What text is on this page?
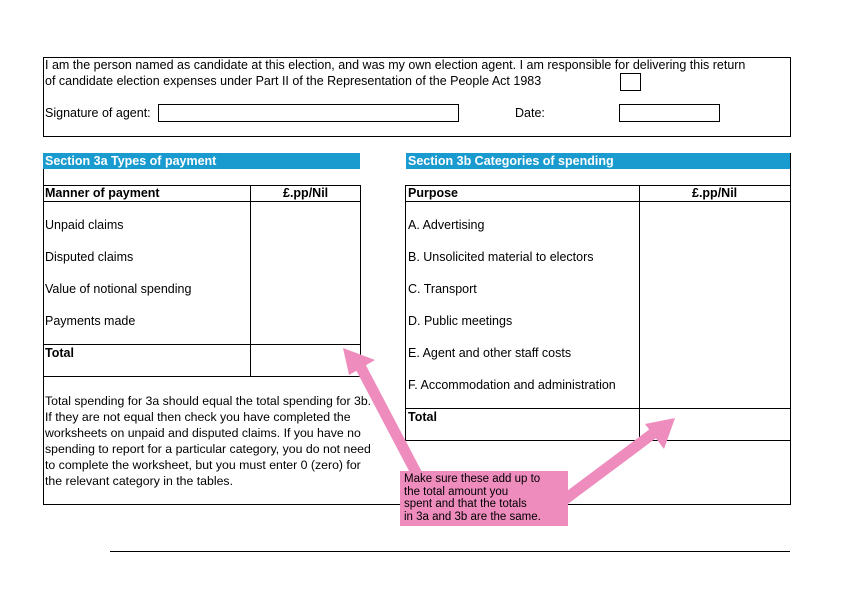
I am the person named as candidate at this election, and was my own election agent. I am responsible for delivering this return
of candidate election expenses under Part II of the Representation of the People Act 1983
Signature of agent:	Date:
Section 3a Types of payment
Manner of payment	£.pp/Nil
Unpaid claims
Disputed claims
Value of notional spending
Payments made
Total
Total spending for 3a should equal the total spending for 3b. If they are not equal then check you have completed the worksheets on unpaid and disputed claims. If you have no spending to report for a particular category, you do not need to complete the worksheet, but you must enter 0 (zero) for the relevant category in the tables.
Section 3b Categories of spending
Purpose	£.pp/Nil
A. Advertising
B. Unsolicited material to electors
C. Transport
D. Public meetings
E. Agent and other staff costs
F. Accommodation and administration
Total
Make sure these add up to
the total amount you
spent and that the totals
in 3a and 3b are the same.
